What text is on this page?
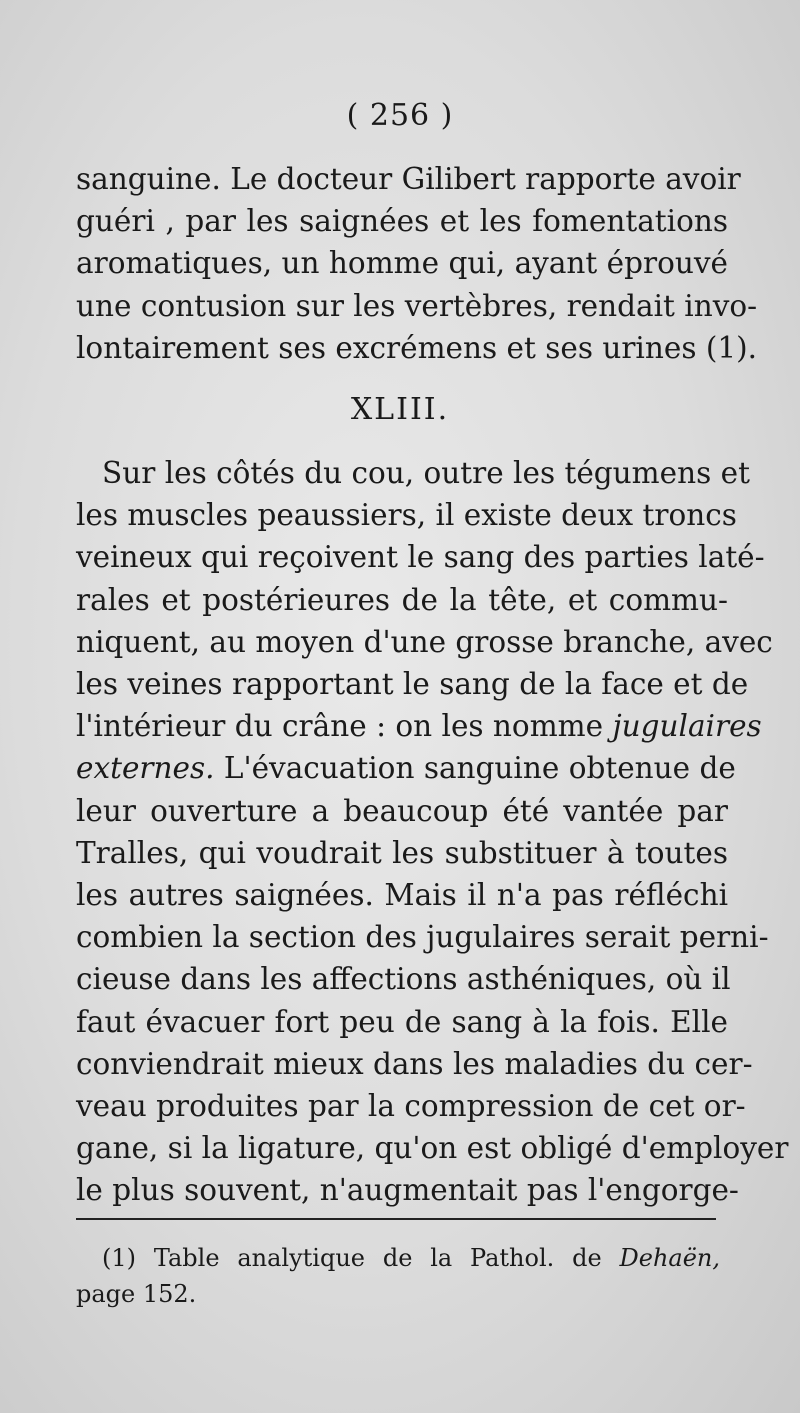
( 256 )
sanguine. Le docteur Gilibert rapporte avoir
guéri , par les saignées et les fomentations
aromatiques, un homme qui, ayant éprouvé
une contusion sur les vertèbres, rendait invo-
lontairement ses excrémens et ses urines (1).
XLIII.
Sur les côtés du cou, outre les tégumens et
les muscles peaussiers, il existe deux troncs
veineux qui reçoivent le sang des parties laté-
rales et postérieures de la tête, et commu-
niquent, au moyen d'une grosse branche, avec
les veines rapportant le sang de la face et de
l'intérieur du crâne : on les nomme jugulaires
externes. L'évacuation sanguine obtenue de
leur ouverture a beaucoup été vantée par
Tralles, qui voudrait les substituer à toutes
les autres saignées. Mais il n'a pas réfléchi
combien la section des jugulaires serait perni-
cieuse dans les affections asthéniques, où il
faut évacuer fort peu de sang à la fois. Elle
conviendrait mieux dans les maladies du cer-
veau produites par la compression de cet or-
gane, si la ligature, qu'on est obligé d'employer
le plus souvent, n'augmentait pas l'engorge-
(1) Table analytique de la Pathol. de Dehaën,
page 152.
